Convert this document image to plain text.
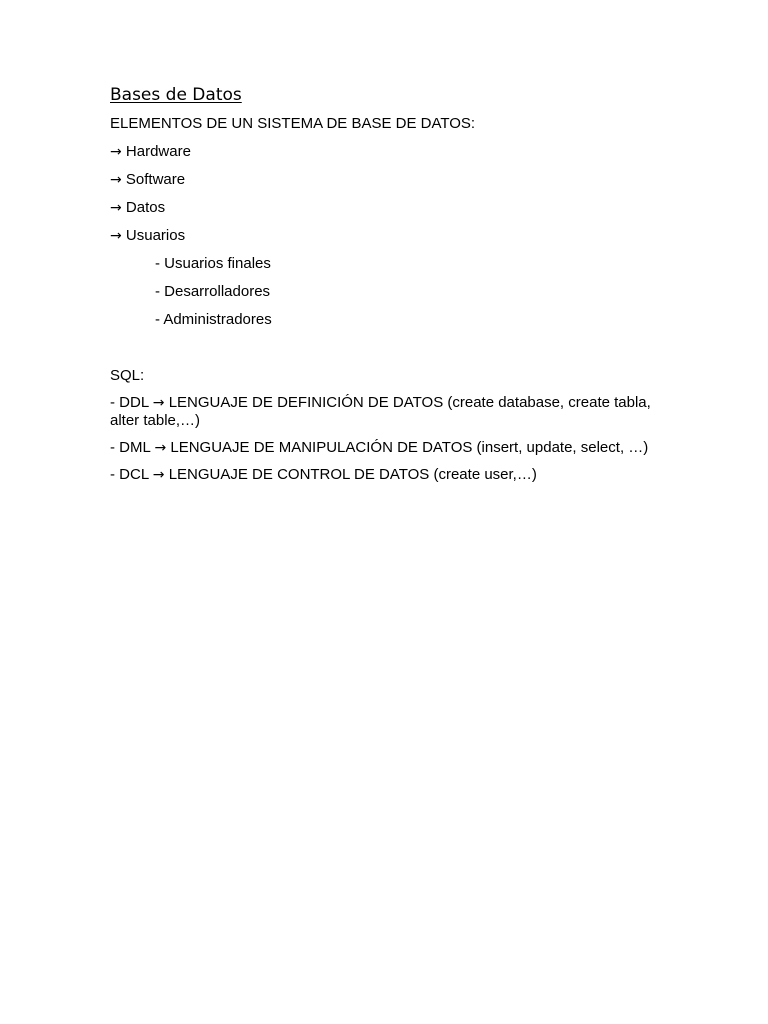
Bases de Datos
ELEMENTOS DE UN SISTEMA DE BASE DE DATOS:
→ Hardware
→ Software
→ Datos
→ Usuarios
- Usuarios finales
- Desarrolladores
- Administradores
SQL:
- DDL → LENGUAJE DE DEFINICIÓN DE DATOS (create database, create tabla, alter table,…)
- DML → LENGUAJE DE MANIPULACIÓN DE DATOS (insert, update, select, …)
- DCL → LENGUAJE DE CONTROL DE DATOS (create user,…)
